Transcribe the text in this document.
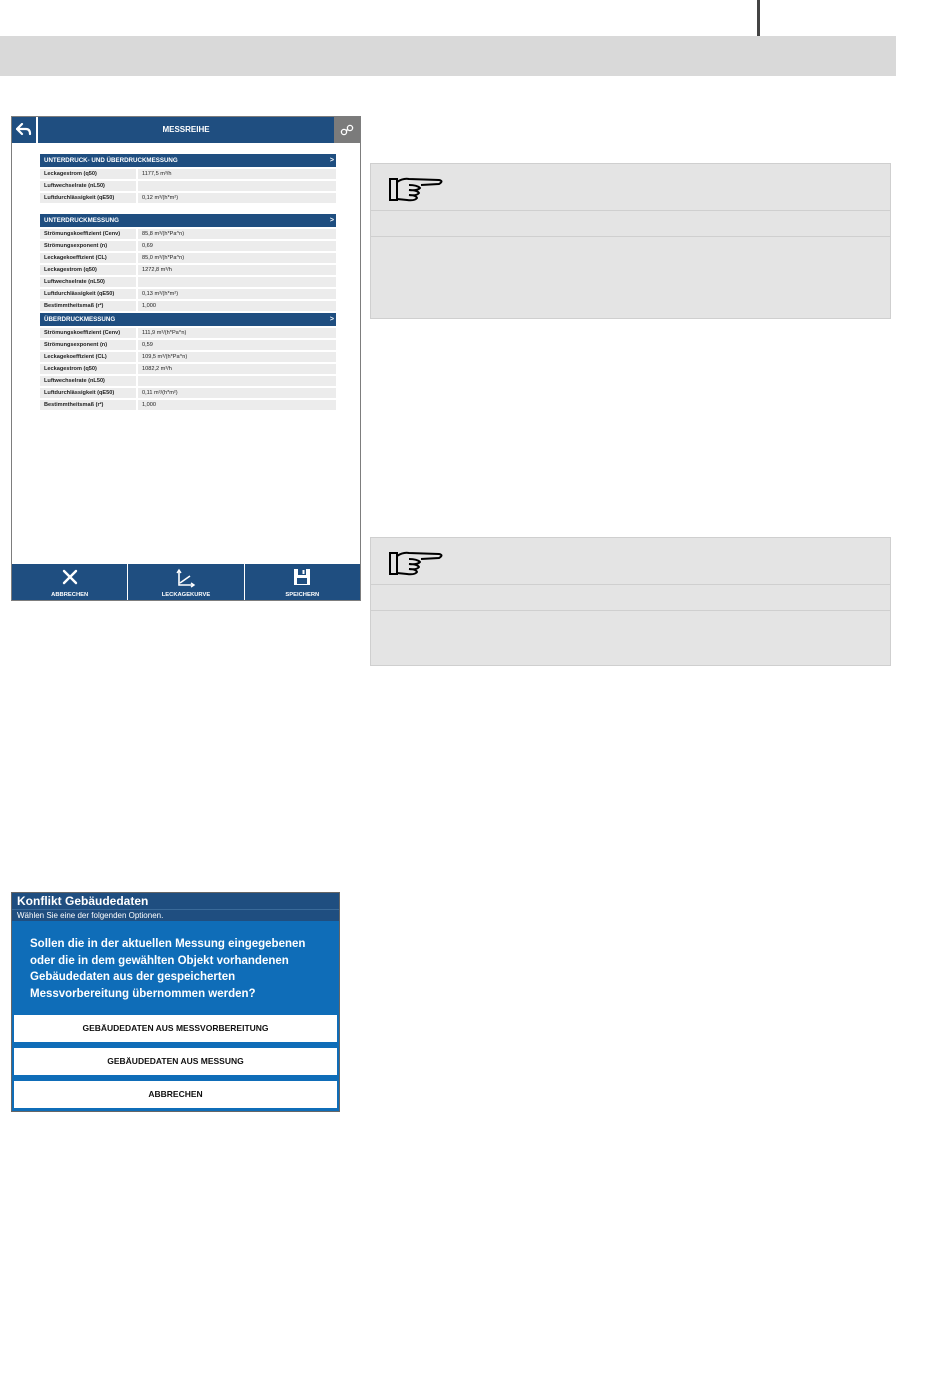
MESSREIHE
UNTERDRUCK- UND ÜBERDRUCKMESSUNG	>
Leckagestrom (q50)	1177,5 m³/h
Luftwechselrate (nL50)
Luftdurchlässigkeit (qE50)	0,12 m³/(h*m²)
UNTERDRUCKMESSUNG	>
Strömungskoeffizient (Cenv)	85,8 m³/(h*Pa^n)
Strömungsexponent (n)	0,69
Leckagekoeffizient (CL)	85,0 m³/(h*Pa^n)
Leckagestrom (q50)	1272,8 m³/h
Luftwechselrate (nL50)
Luftdurchlässigkeit (qE50)	0,13 m³/(h*m²)
Bestimmtheitsmaß (r²)	1,000
ÜBERDRUCKMESSUNG	>
Strömungskoeffizient (Cenv)	111,9 m³/(h*Pa^n)
Strömungsexponent (n)	0,59
Leckagekoeffizient (CL)	109,5 m³/(h*Pa^n)
Leckagestrom (q50)	1082,2 m³/h
Luftwechselrate (nL50)
Luftdurchlässigkeit (qE50)	0,11 m³/(h*m²)
Bestimmtheitsmaß (r²)	1,000
ABBRECHEN	LECKAGEKURVE	SPEICHERN
Konflikt Gebäudedaten
Wählen Sie eine der folgenden Optionen.
Sollen die in der aktuellen Messung eingegebenen oder die in dem gewählten Objekt vorhandenen Gebäudedaten aus der gespeicherten Messvorbereitung übernommen werden?
GEBÄUDEDATEN AUS MESSVORBEREITUNG
GEBÄUDEDATEN AUS MESSUNG
ABBRECHEN
